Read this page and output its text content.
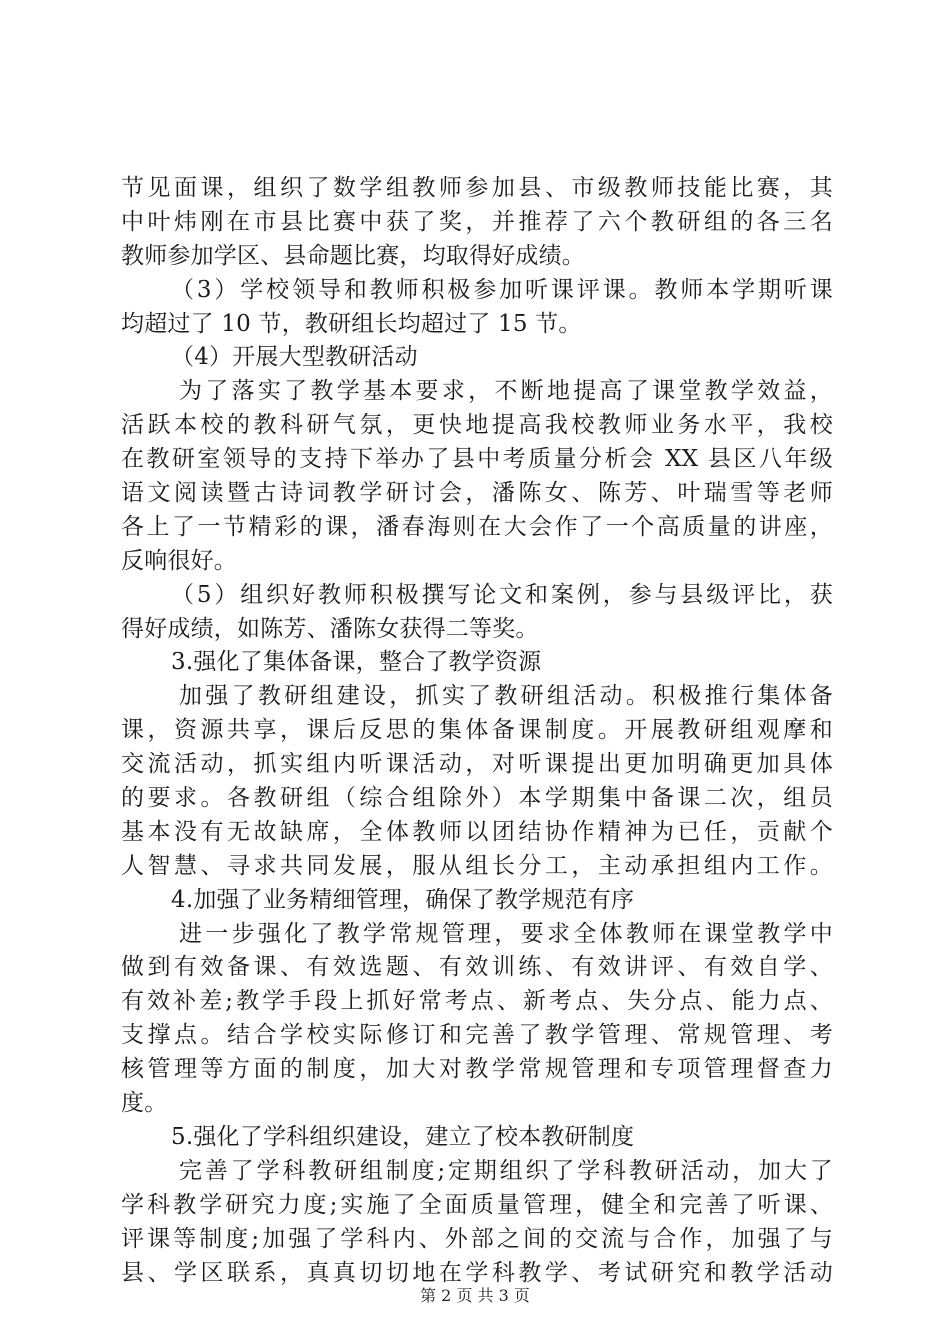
节见面课，组织了数学组教师参加县、市级教师技能比赛，其
中叶炜刚在市县比赛中获了奖，并推荐了六个教研组的各三名
教师参加学区、县命题比赛，均取得好成绩。
（3）学校领导和教师积极参加听课评课。教师本学期听课
均超过了 10 节，教研组长均超过了 15 节。
（4）开展大型教研活动
为了落实了教学基本要求，不断地提高了课堂教学效益，
活跃本校的教科研气氛，更快地提高我校教师业务水平，我校
在教研室领导的支持下举办了县中考质量分析会 XX 县区八年级
语文阅读暨古诗词教学研讨会，潘陈女、陈芳、叶瑞雪等老师
各上了一节精彩的课，潘春海则在大会作了一个高质量的讲座，
反响很好。
（5）组织好教师积极撰写论文和案例，参与县级评比，获
得好成绩，如陈芳、潘陈女获得二等奖。
3.强化了集体备课，整合了教学资源
加强了教研组建设，抓实了教研组活动。积极推行集体备
课，资源共享，课后反思的集体备课制度。开展教研组观摩和
交流活动，抓实组内听课活动，对听课提出更加明确更加具体
的要求。各教研组（综合组除外）本学期集中备课二次，组员
基本没有无故缺席，全体教师以团结协作精神为已任，贡献个
人智慧、寻求共同发展，服从组长分工，主动承担组内工作。
4.加强了业务精细管理，确保了教学规范有序
进一步强化了教学常规管理，要求全体教师在课堂教学中
做到有效备课、有效选题、有效训练、有效讲评、有效自学、
有效补差;教学手段上抓好常考点、新考点、失分点、能力点、
支撑点。结合学校实际修订和完善了教学管理、常规管理、考
核管理等方面的制度，加大对教学常规管理和专项管理督查力
度。
5.强化了学科组织建设，建立了校本教研制度
完善了学科教研组制度;定期组织了学科教研活动，加大了
学科教学研究力度;实施了全面质量管理，健全和完善了听课、
评课等制度;加强了学科内、外部之间的交流与合作，加强了与
县、学区联系，真真切切地在学科教学、考试研究和教学活动
第 2 页 共 3 页
